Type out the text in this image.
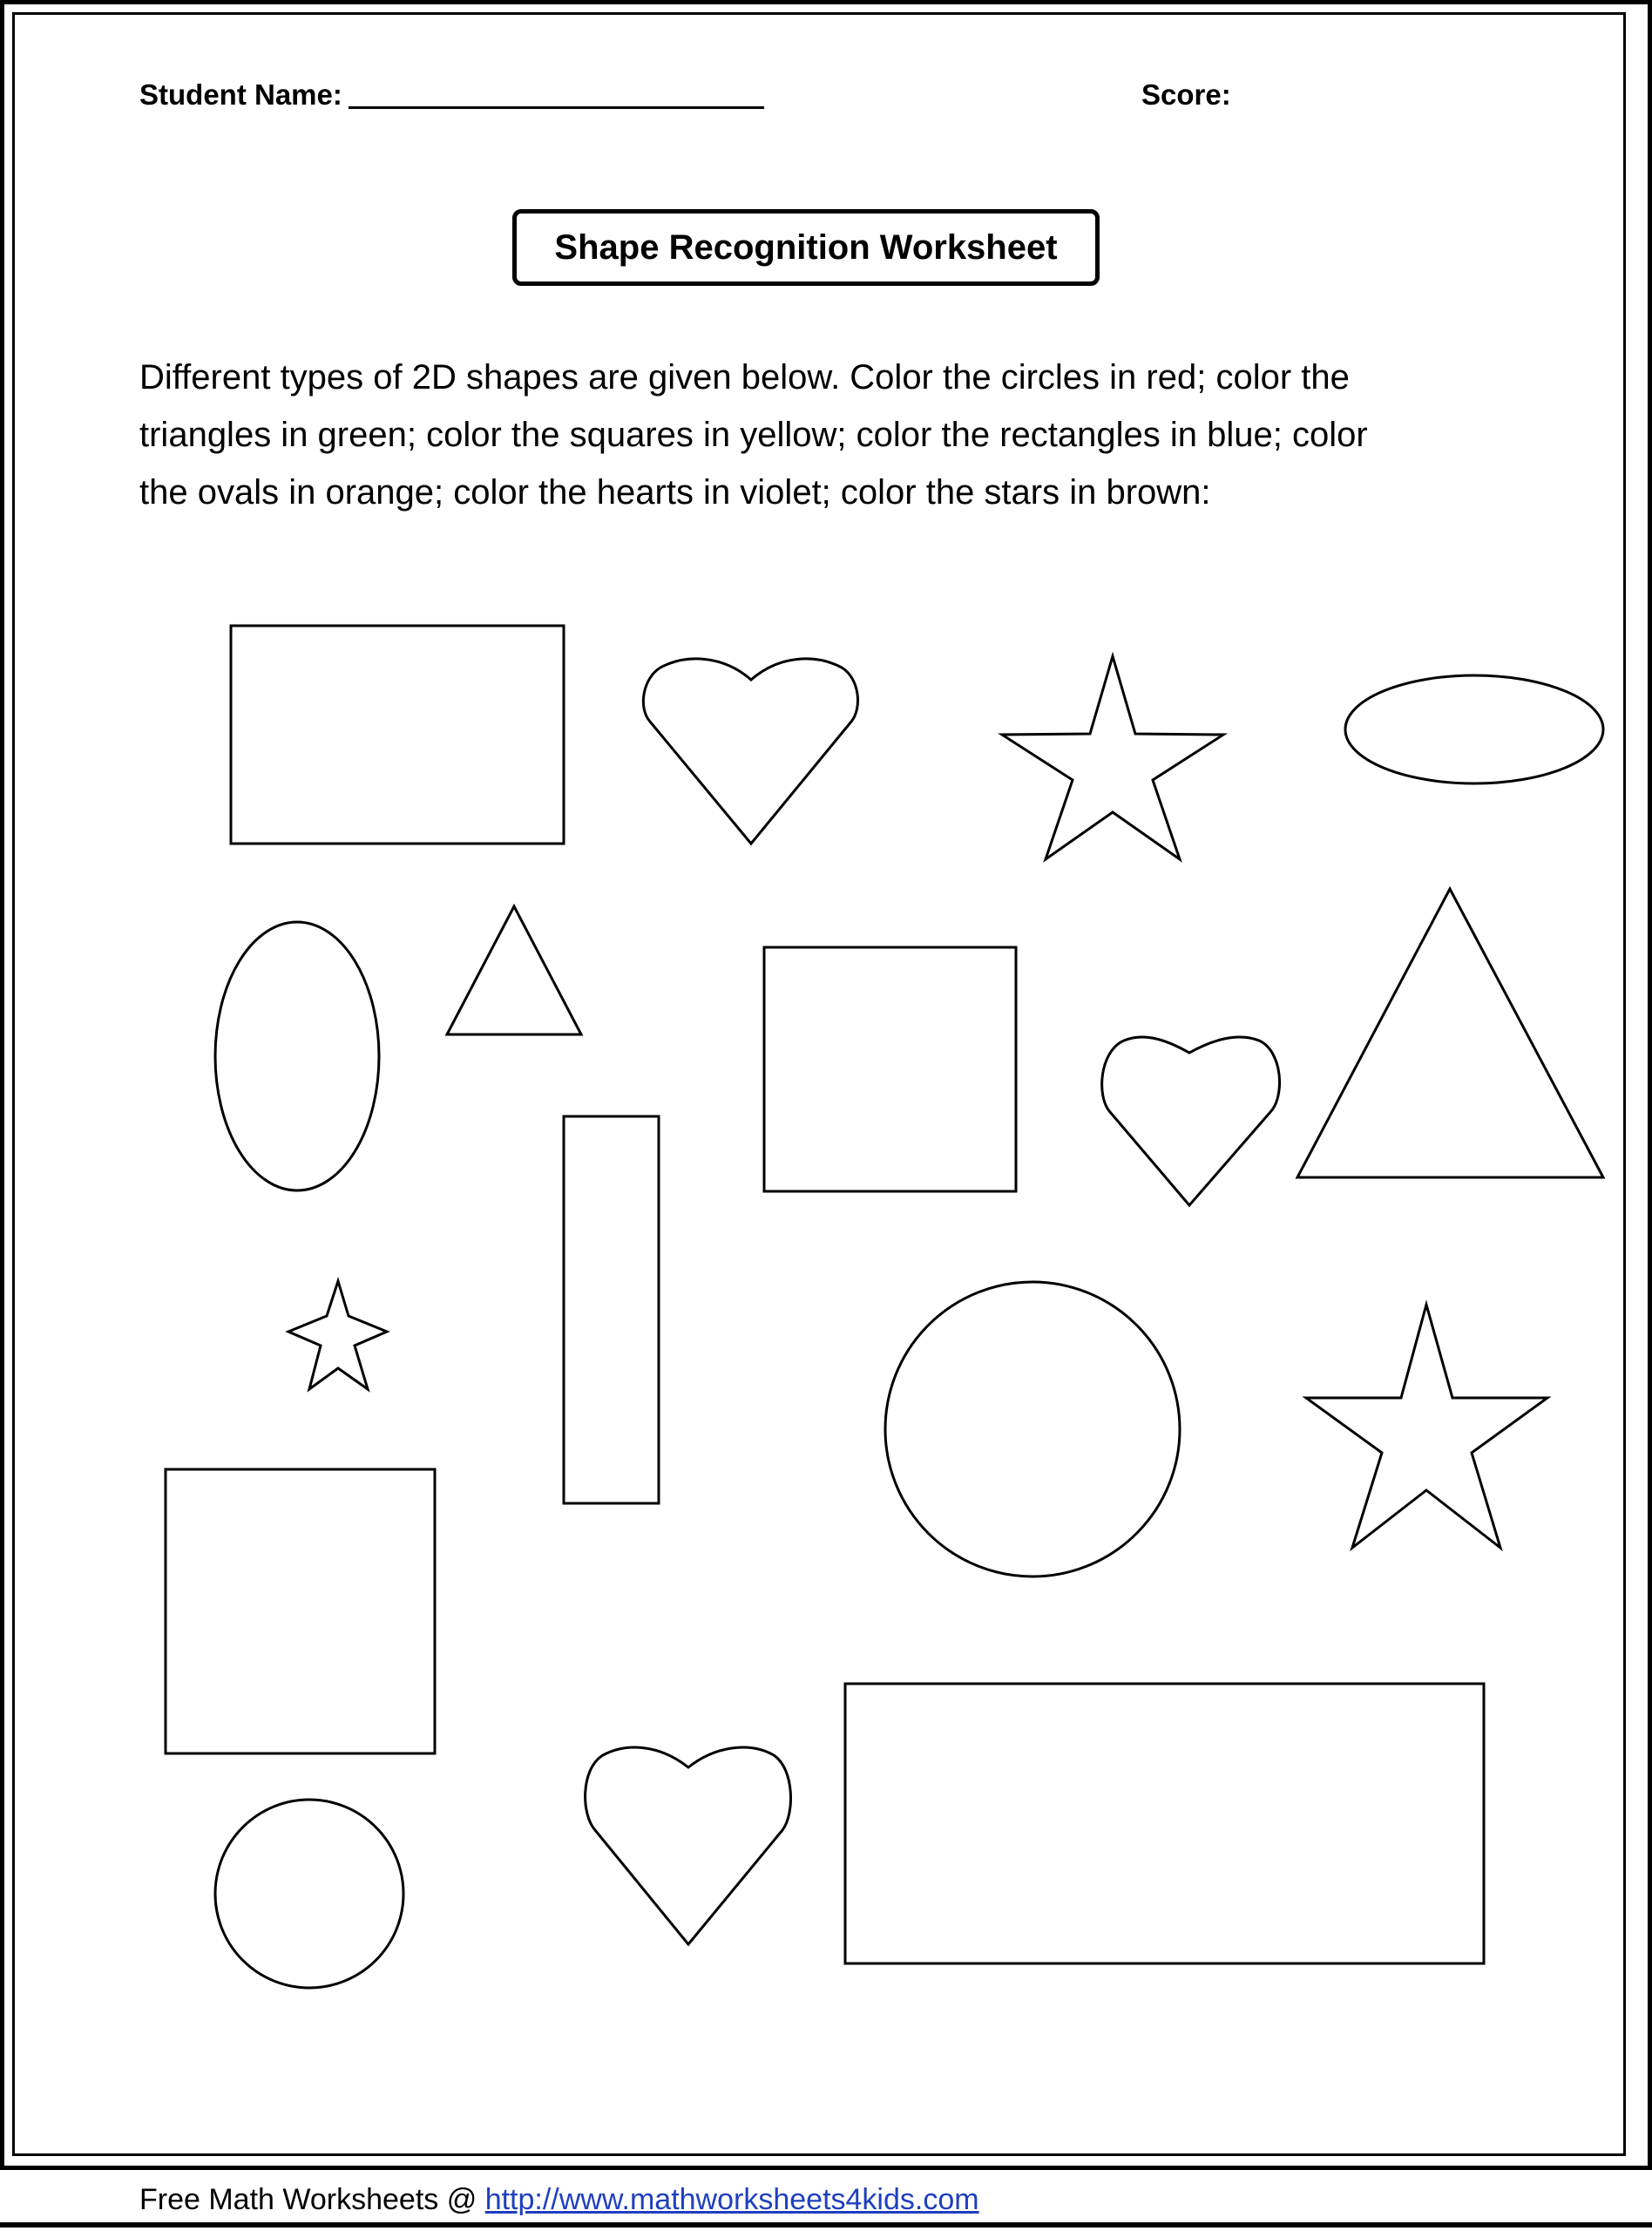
Student Name:	Score:
Shape Recognition Worksheet
Different types of 2D shapes are given below. Color the circles in red; color the
triangles in green; color the squares in yellow; color the rectangles in blue; color
the ovals in orange; color the hearts in violet; color the stars in brown:
Free Math Worksheets @ http://www.mathworksheets4kids.com
